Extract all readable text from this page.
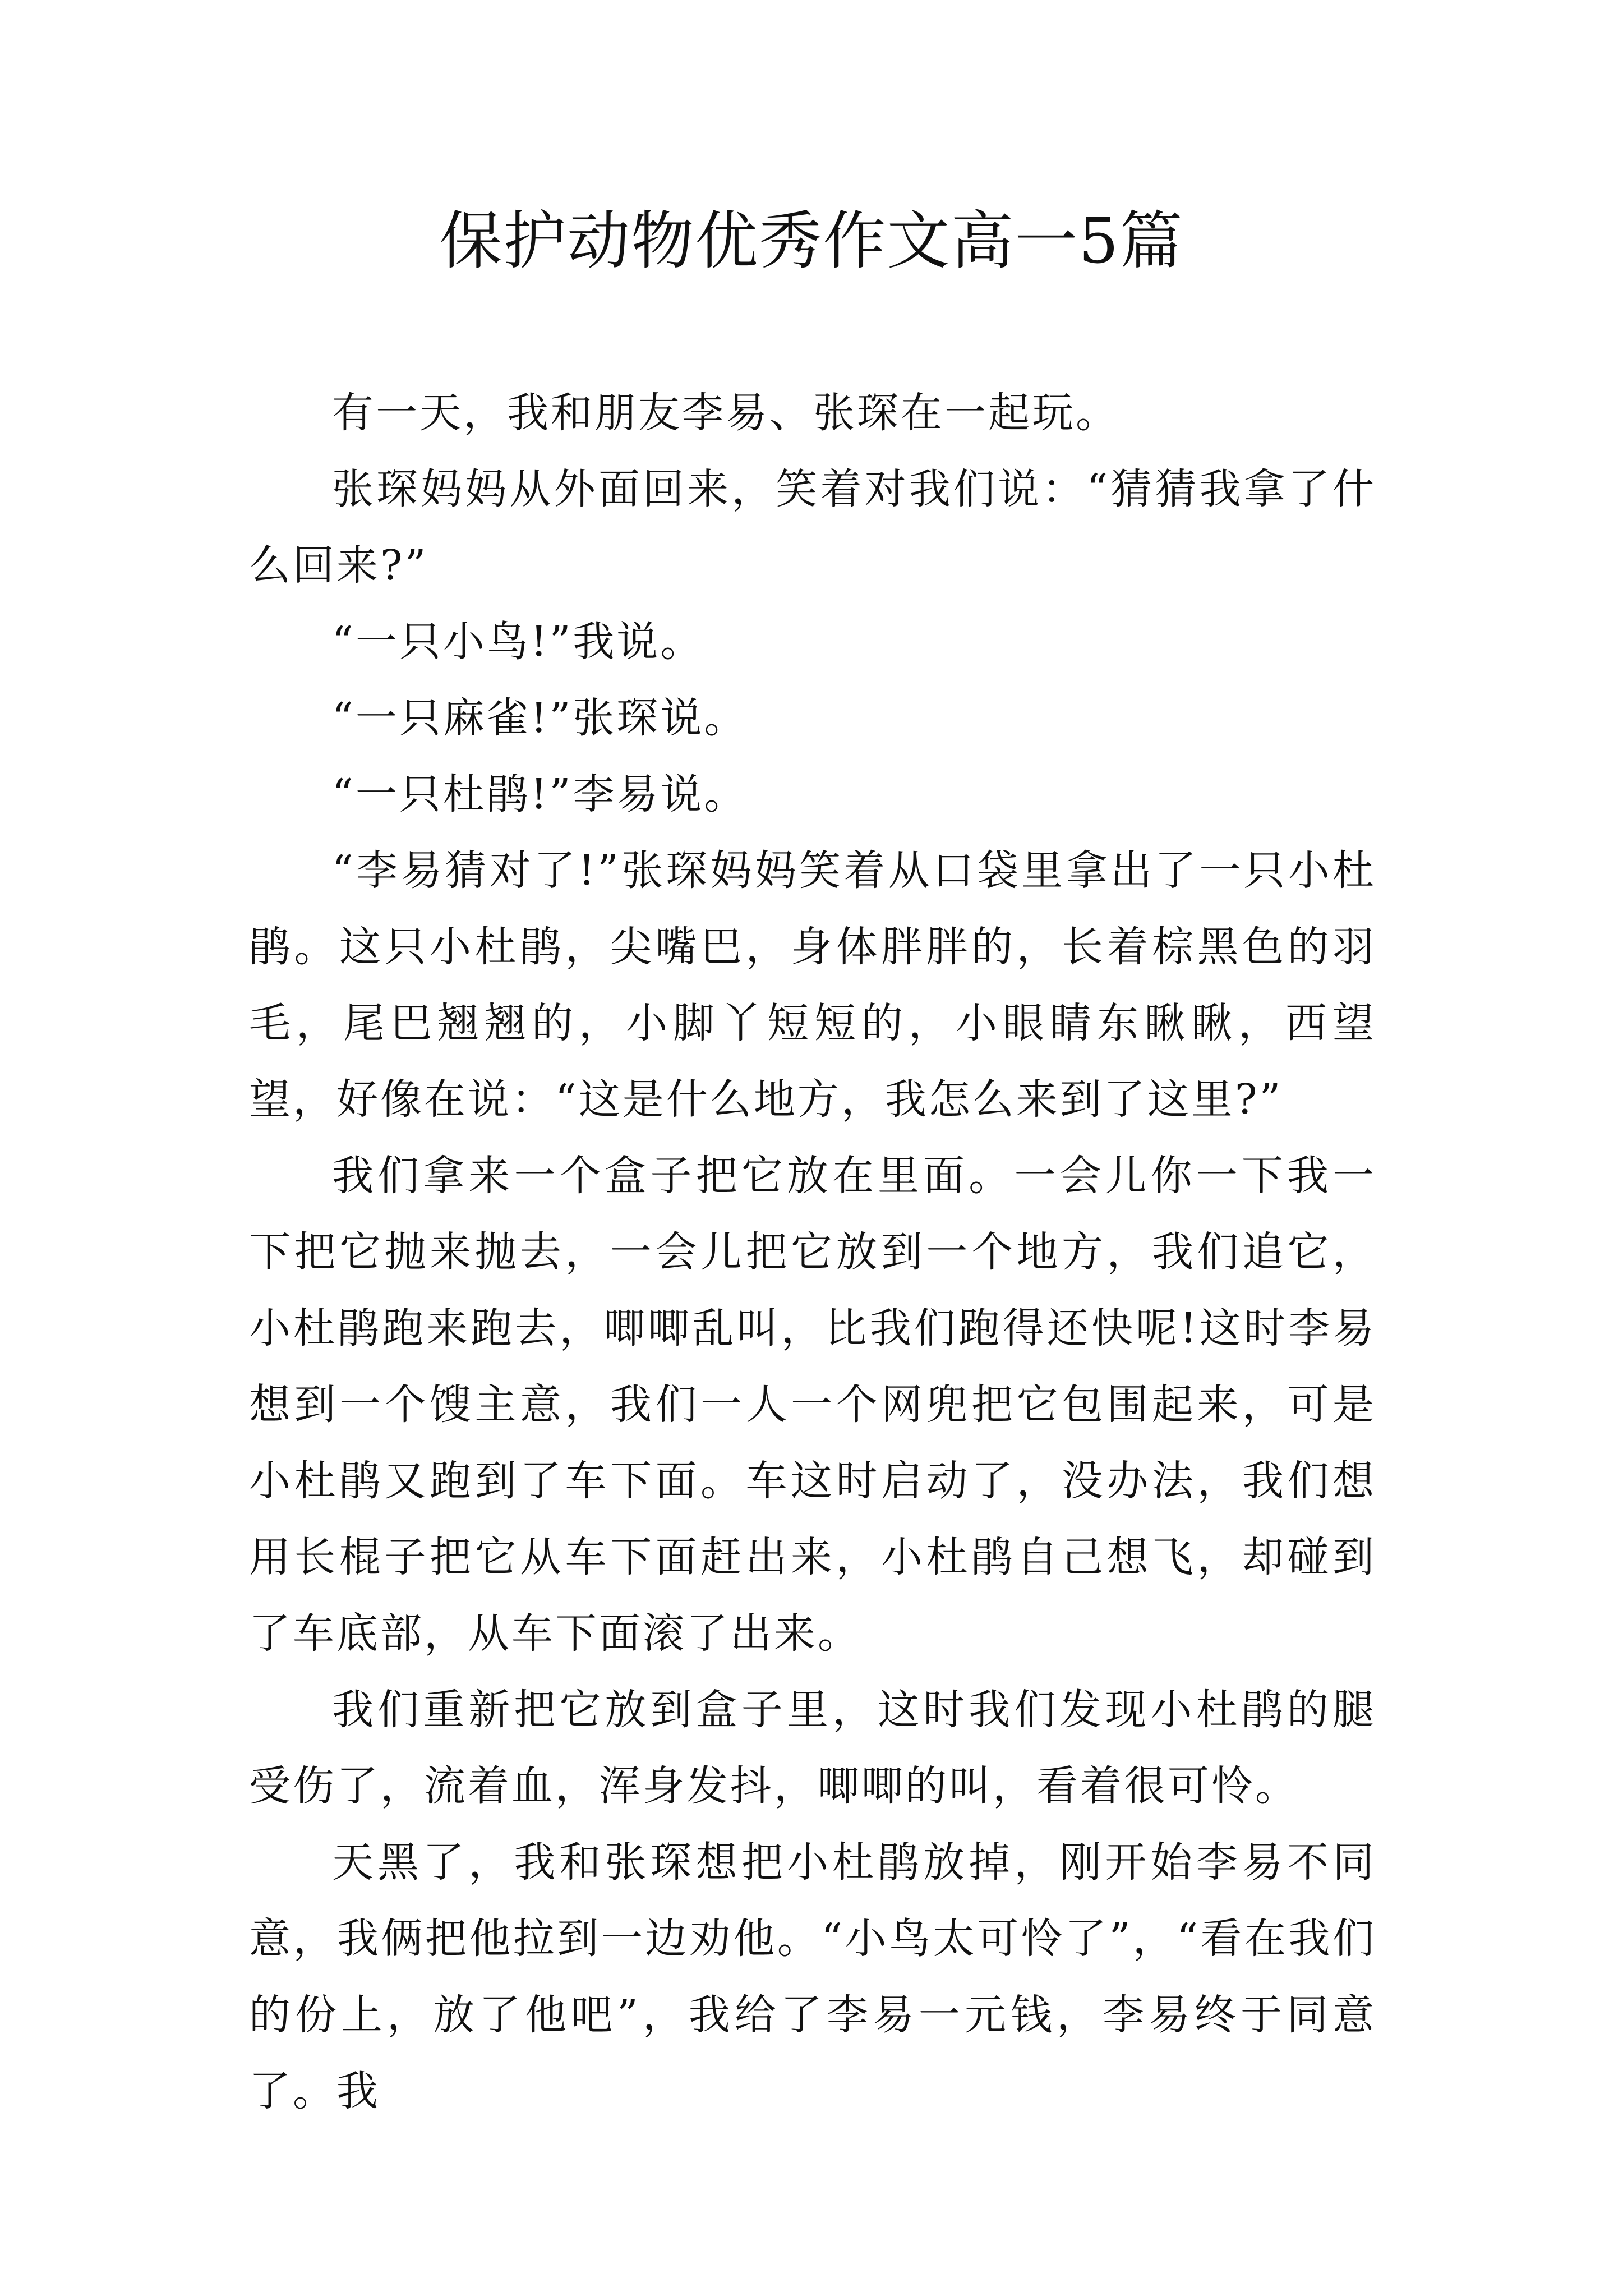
保护动物优秀作文高一5篇

有一天，我和朋友李易、张琛在一起玩。

张琛妈妈从外面回来，笑着对我们说：“猜猜我拿了什么回来?”

“一只小鸟!”我说。

“一只麻雀!”张琛说。

“一只杜鹃!”李易说。

“李易猜对了!”张琛妈妈笑着从口袋里拿出了一只小杜鹃。这只小杜鹃，尖嘴巴，身体胖胖的，长着棕黑色的羽毛，尾巴翘翘的，小脚丫短短的，小眼睛东瞅瞅，西望望，好像在说：“这是什么地方，我怎么来到了这里?”

我们拿来一个盒子把它放在里面。一会儿你一下我一下把它抛来抛去，一会儿把它放到一个地方，我们追它，小杜鹃跑来跑去，唧唧乱叫，比我们跑得还快呢!这时李易想到一个馊主意，我们一人一个网兜把它包围起来，可是小杜鹃又跑到了车下面。车这时启动了，没办法，我们想用长棍子把它从车下面赶出来，小杜鹃自己想飞，却碰到了车底部，从车下面滚了出来。

我们重新把它放到盒子里，这时我们发现小杜鹃的腿受伤了，流着血，浑身发抖，唧唧的叫，看着很可怜。

天黑了，我和张琛想把小杜鹃放掉，刚开始李易不同意，我俩把他拉到一边劝他。“小鸟太可怜了”，“看在我们的份上，放了他吧”，我给了李易一元钱，李易终于同意了。我
